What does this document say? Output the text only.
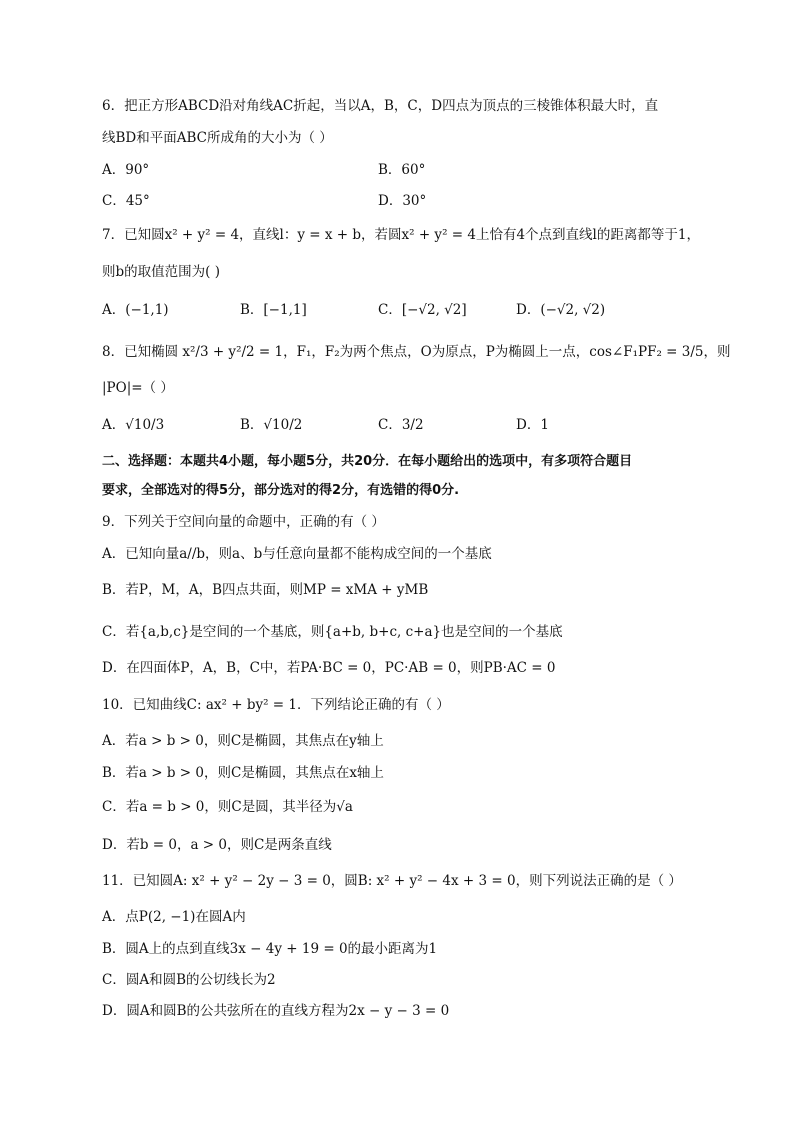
6．把正方形ABCD沿对角线AC折起，当以A，B，C，D四点为顶点的三棱锥体积最大时，直
线BD和平面ABC所成角的大小为（ ）
A．90°	B．60°
C．45°	D．30°
7．已知圆x² + y² = 4，直线l：y = x + b，若圆x² + y² = 4上恰有4个点到直线l的距离都等于1，
则b的取值范围为( )
A．(−1,1)	B．[−1,1]	C．[−√2, √2]	D．(−√2, √2)
8．已知椭圆 x²/3 + y²/2 = 1，F₁，F₂为两个焦点，O为原点，P为椭圆上一点，cos∠F₁PF₂ = 3/5，则
|PO|=（ ）
A．√10/3	B．√10/2	C．3/2	D．1
二、选择题：本题共4小题，每小题5分，共20分．在每小题给出的选项中，有多项符合题目
要求，全部选对的得5分，部分选对的得2分，有选错的得0分.
9．下列关于空间向量的命题中，正确的有（ ）
A．已知向量a//b，则a、b与任意向量都不能构成空间的一个基底
B．若P，M，A，B四点共面，则MP = xMA + yMB
C．若{a,b,c}是空间的一个基底，则{a+b, b+c, c+a}也是空间的一个基底
D．在四面体P，A，B，C中，若PA·BC = 0，PC·AB = 0，则PB·AC = 0
10．已知曲线C: ax² + by² = 1．下列结论正确的有（ ）
A．若a > b > 0，则C是椭圆，其焦点在y轴上
B．若a > b > 0，则C是椭圆，其焦点在x轴上
C．若a = b > 0，则C是圆，其半径为√a
D．若b = 0，a > 0，则C是两条直线
11．已知圆A: x² + y² − 2y − 3 = 0，圆B: x² + y² − 4x + 3 = 0，则下列说法正确的是（ ）
A．点P(2, −1)在圆A内
B．圆A上的点到直线3x − 4y + 19 = 0的最小距离为1
C．圆A和圆B的公切线长为2
D．圆A和圆B的公共弦所在的直线方程为2x − y − 3 = 0
